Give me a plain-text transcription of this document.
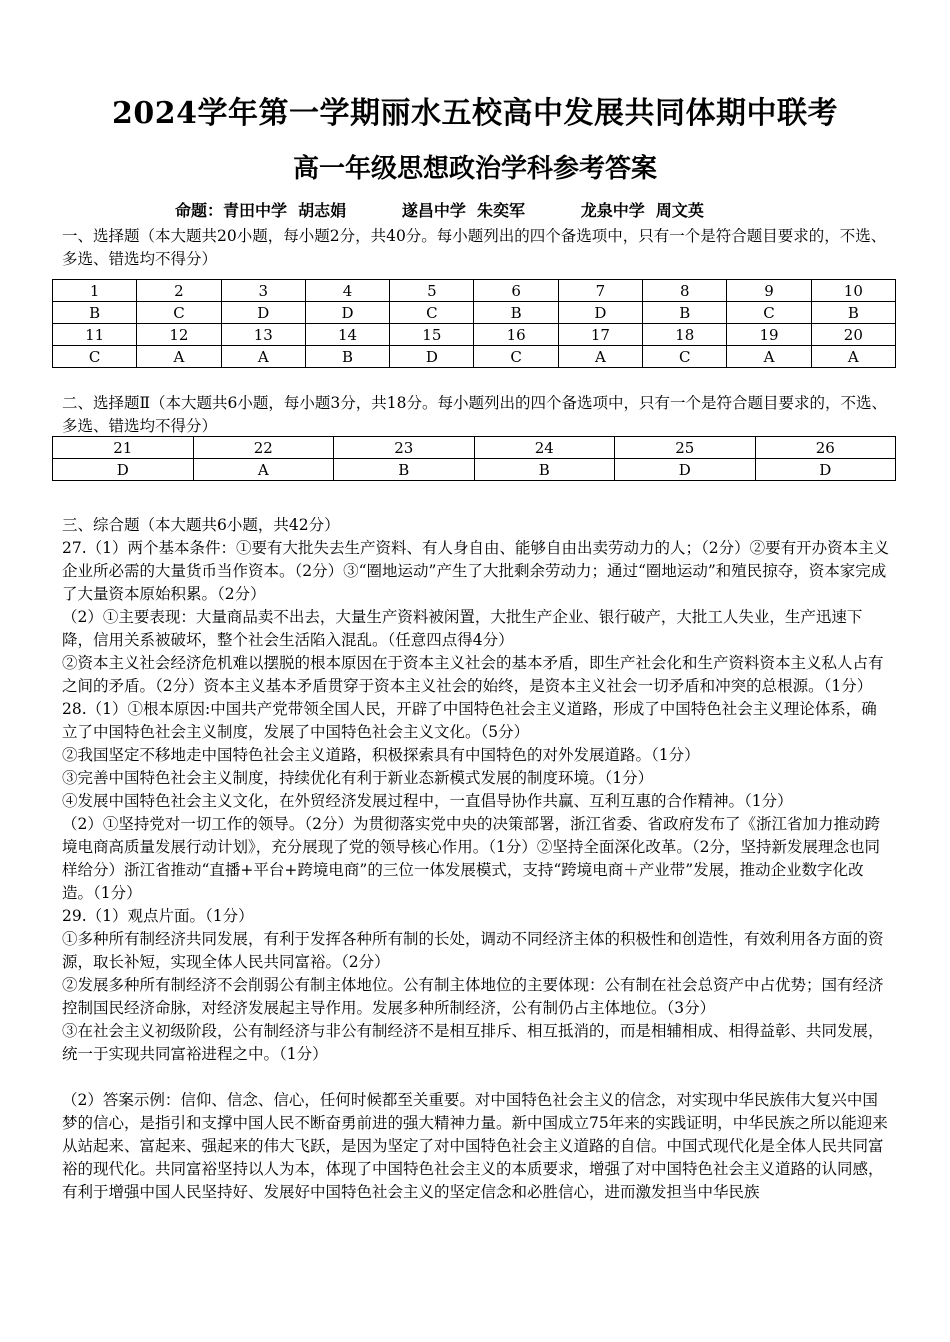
2024学年第一学期丽水五校高中发展共同体期中联考
高一年级思想政治学科参考答案
命题：青田中学  胡志娟          遂昌中学  朱奕军          龙泉中学  周文英
一、选择题（本大题共20小题，每小题2分，共40分。每小题列出的四个备选项中，只有一个是符合题目要求的，不选、多选、错选均不得分）
1	2	3	4	5	6	7	8	9	10
B	C	D	D	C	B	D	B	C	B
11	12	13	14	15	16	17	18	19	20
C	A	A	B	D	C	A	C	A	A
二、选择题Ⅱ（本大题共6小题，每小题3分，共18分。每小题列出的四个备选项中，只有一个是符合题目要求的，不选、多选、错选均不得分）
21	22	23	24	25	26
D	A	B	B	D	D

三、综合题（本大题共6小题，共42分）

27.（1）两个基本条件：①要有大批失去生产资料、有人身自由、能够自由出卖劳动力的人；（2分）②要有开办资本主义企业所必需的大量货币当作资本。（2分）③“圈地运动”产生了大批剩余劳动力；通过“圈地运动”和殖民掠夺，资本家完成了大量资本原始积累。（2分）

（2）①主要表现：大量商品卖不出去，大量生产资料被闲置，大批生产企业、银行破产，大批工人失业，生产迅速下降，信用关系被破坏，整个社会生活陷入混乱。（任意四点得4分）

②资本主义社会经济危机难以摆脱的根本原因在于资本主义社会的基本矛盾，即生产社会化和生产资料资本主义私人占有之间的矛盾。（2分）资本主义基本矛盾贯穿于资本主义社会的始终，是资本主义社会一切矛盾和冲突的总根源。（1分）

28.（1）①根本原因:中国共产党带领全国人民，开辟了中国特色社会主义道路，形成了中国特色社会主义理论体系，确立了中国特色社会主义制度，发展了中国特色社会主义文化。（5分）

②我国坚定不移地走中国特色社会主义道路，积极探索具有中国特色的对外发展道路。（1分）

③完善中国特色社会主义制度，持续优化有利于新业态新模式发展的制度环境。（1分）

④发展中国特色社会主义文化，在外贸经济发展过程中，一直倡导协作共赢、互利互惠的合作精神。（1分）

（2）①坚持党对一切工作的领导。（2分）为贯彻落实党中央的决策部署，浙江省委、省政府发布了《浙江省加力推动跨境电商高质量发展行动计划》，充分展现了党的领导核心作用。（1分）②坚持全面深化改革。（2分，坚持新发展理念也同样给分）浙江省推动“直播+平台+跨境电商”的三位一体发展模式，支持“跨境电商＋产业带”发展，推动企业数字化改造。（1分）

29.（1）观点片面。（1分）

①多种所有制经济共同发展，有利于发挥各种所有制的长处，调动不同经济主体的积极性和创造性，有效利用各方面的资源，取长补短，实现全体人民共同富裕。（2分）

②发展多种所有制经济不会削弱公有制主体地位。公有制主体地位的主要体现：公有制在社会总资产中占优势；国有经济控制国民经济命脉，对经济发展起主导作用。发展多种所制经济，公有制仍占主体地位。（3分）

③在社会主义初级阶段，公有制经济与非公有制经济不是相互排斥、相互抵消的，而是相辅相成、相得益彰、共同发展，统一于实现共同富裕进程之中。（1分）

（2）答案示例：信仰、信念、信心，任何时候都至关重要。对中国特色社会主义的信念，对实现中华民族伟大复兴中国梦的信心，是指引和支撑中国人民不断奋勇前进的强大精神力量。新中国成立75年来的实践证明，中华民族之所以能迎来从站起来、富起来、强起来的伟大飞跃，是因为坚定了对中国特色社会主义道路的自信。中国式现代化是全体人民共同富裕的现代化。共同富裕坚持以人为本，体现了中国特色社会主义的本质要求，增强了对中国特色社会主义道路的认同感，有利于增强中国人民坚持好、发展好中国特色社会主义的坚定信念和必胜信心，进而激发担当中华民族
